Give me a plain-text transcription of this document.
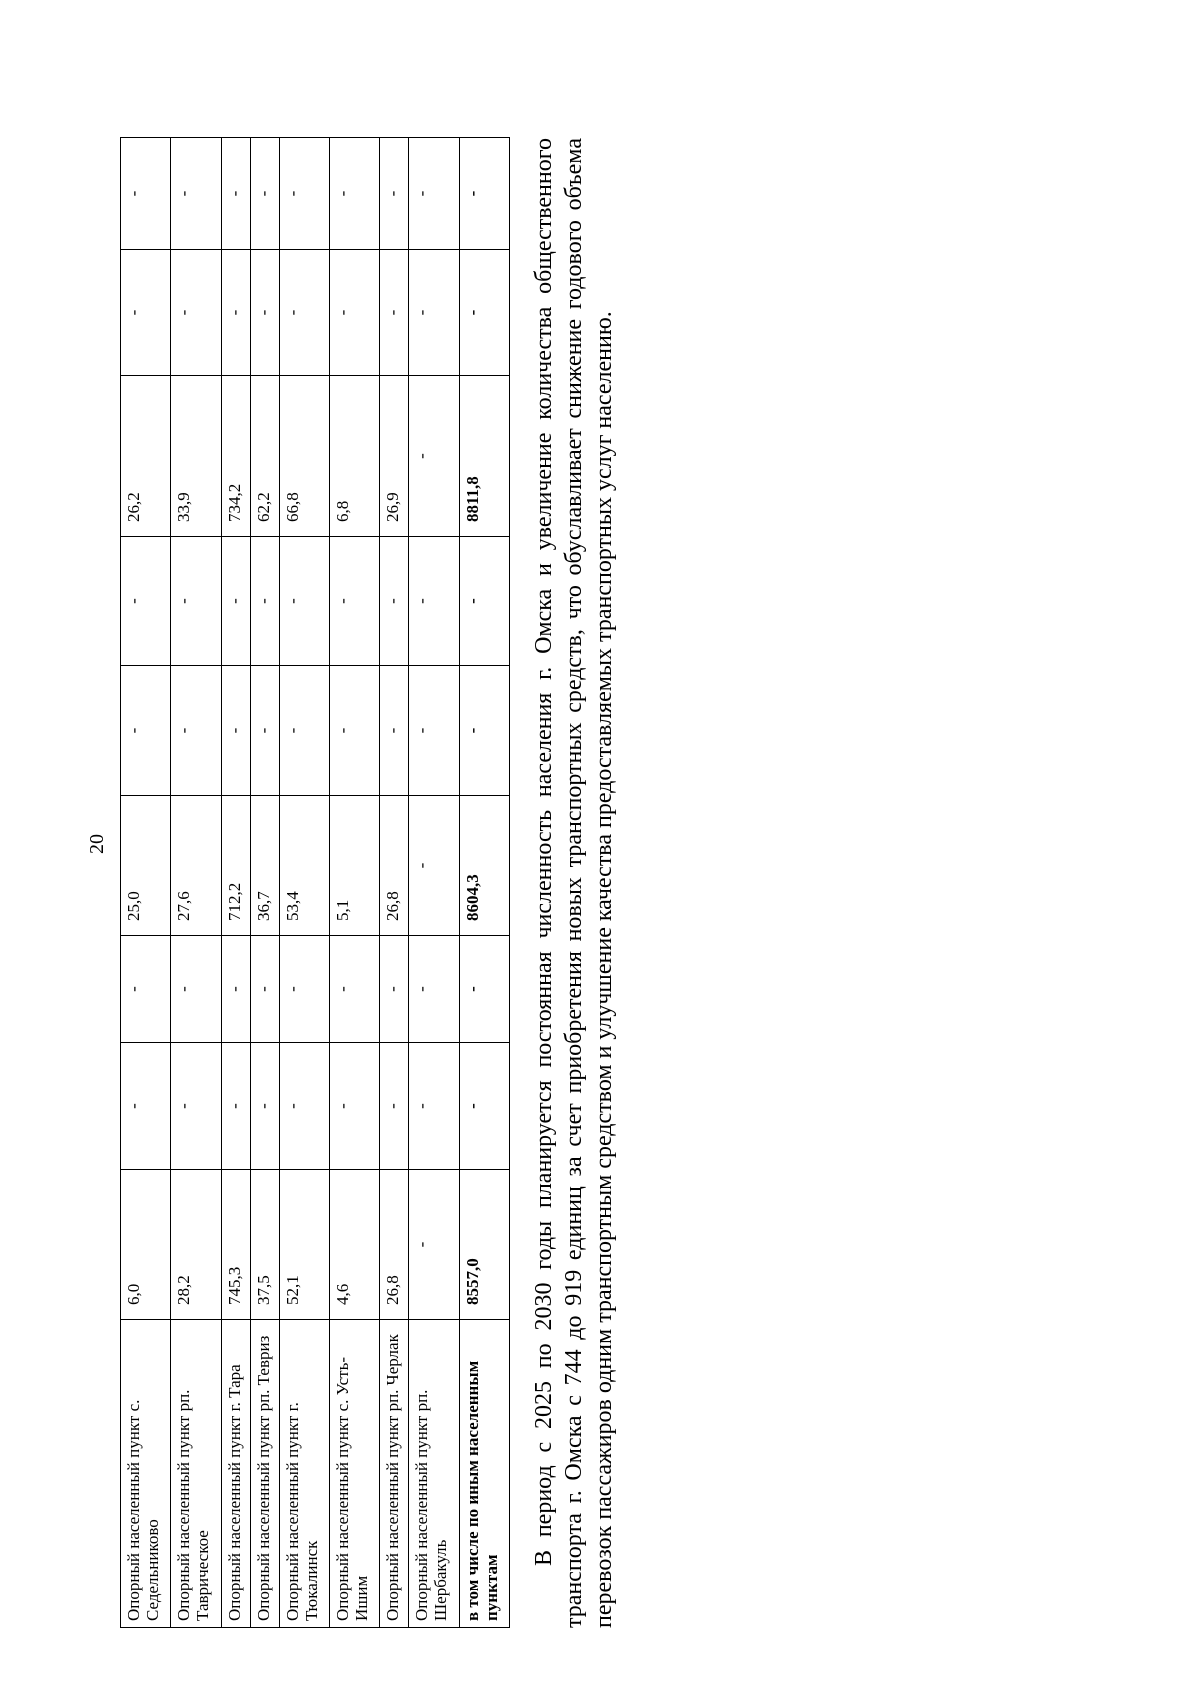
20
Опорный населенный пункт с. Седельниково	6,0	-	-	25,0	-	-	26,2	-	-
Опорный населенный пункт рп. Таврическое	28,2	-	-	27,6	-	-	33,9	-	-
Опорный населенный пункт г. Тара	745,3	-	-	712,2	-	-	734,2	-	-
Опорный населенный пункт рп. Тевриз	37,5	-	-	36,7	-	-	62,2	-	-
Опорный населенный пункт г. Тюкалинск	52,1	-	-	53,4	-	-	66,8	-	-
Опорный населенный пункт с. Усть-Ишим	4,6	-	-	5,1	-	-	6,8	-	-
Опорный населенный пункт рп. Черлак	26,8	-	-	26,8	-	-	26,9	-	-
Опорный населенный пункт рп. Шербакуль	-	-	-	-	-	-	-	-	-
в том числе по иным населенным пунктам	8557,0	-	-	8604,3	-	-	8811,8	-	- В период с 2025 по 2030 годы планируется постоянная численность населения г. Омска и увеличение количества общественного транспорта г. Омска с 744 до 919 единиц за счет приобретения новых транспортных средств, что обуславливает снижение годового объема перевозок пассажиров одним транспортным средством и улучшение качества предоставляемых транспортных услуг населению.
